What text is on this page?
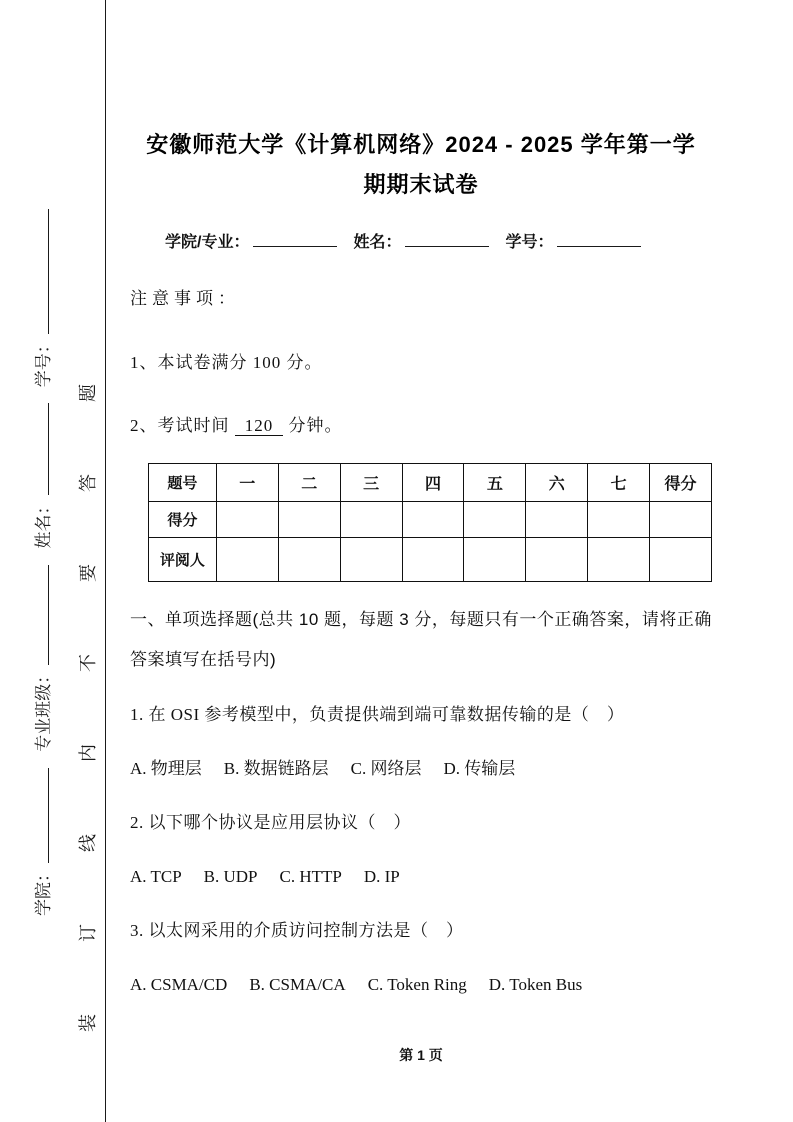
学院： 专业班级： 姓名： 学号： 装订线内不要答题
安徽师范大学《计算机网络》2024 - 2025 学年第一学
期期末试卷
学院/专业：	姓名：	学号：
注意事项：
1、本试卷满分 100 分。
2、考试时间 120 分钟。
题号	一	二	三	四	五	六	七	得分
得分								
评阅人								
一、单项选择题(总共 10 题，每题 3 分，每题只有一个正确答案，请将正确答案填写在括号内)
1. 在 OSI 参考模型中，负责提供端到端可靠数据传输的是（　）
A. 物理层 B. 数据链路层 C. 网络层 D. 传输层
2. 以下哪个协议是应用层协议（　）
A. TCP B. UDP C. HTTP D. IP
3. 以太网采用的介质访问控制方法是（　）
A. CSMA/CD B. CSMA/CA C. Token Ring D. Token Bus
第 1 页
